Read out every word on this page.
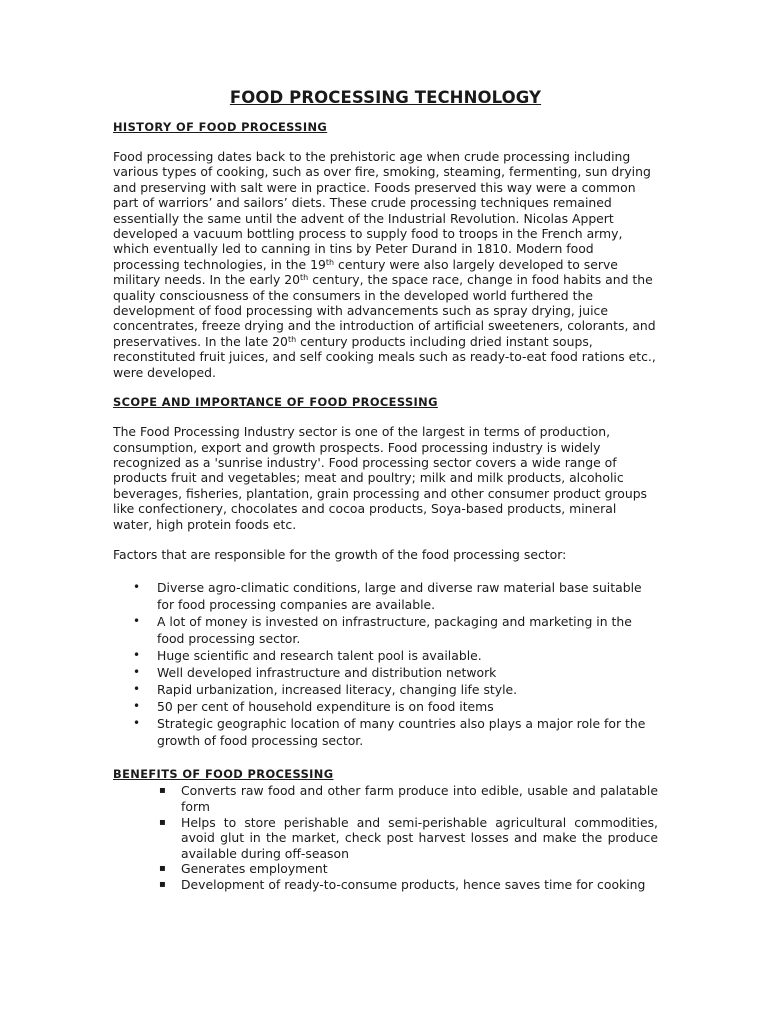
FOOD PROCESSING TECHNOLOGY
HISTORY OF FOOD PROCESSING
Food processing dates back to the prehistoric age when crude processing including various types of cooking, such as over fire, smoking, steaming, fermenting, sun drying and preserving with salt were in practice. Foods preserved this way were a common part of warriors’ and sailors’ diets. These crude processing techniques remained essentially the same until the advent of the Industrial Revolution. Nicolas Appert developed a vacuum bottling process to supply food to troops in the French army, which eventually led to canning in tins by Peter Durand in 1810. Modern food processing technologies, in the 19th century were also largely developed to serve military needs. In the early 20th century, the space race, change in food habits and the quality consciousness of the consumers in the developed world furthered the development of food processing with advancements such as spray drying, juice concentrates, freeze drying and the introduction of artificial sweeteners, colorants, and preservatives. In the late 20th century products including dried instant soups, reconstituted fruit juices, and self cooking meals such as ready-to-eat food rations etc., were developed.
SCOPE AND IMPORTANCE OF FOOD PROCESSING
The Food Processing Industry sector is one of the largest in terms of production, consumption, export and growth prospects. Food processing industry is widely recognized as a 'sunrise industry'. Food processing sector covers a wide range of products fruit and vegetables; meat and poultry; milk and milk products, alcoholic beverages, fisheries, plantation, grain processing and other consumer product groups like confectionery, chocolates and cocoa products, Soya-based products, mineral water, high protein foods etc.
Factors that are responsible for the growth of the food processing sector:
• Diverse agro-climatic conditions, large and diverse raw material base suitable for food processing companies are available.
• A lot of money is invested on infrastructure, packaging and marketing in the food processing sector.
• Huge scientific and research talent pool is available.
• Well developed infrastructure and distribution network
• Rapid urbanization, increased literacy, changing life style.
• 50 per cent of household expenditure is on food items
• Strategic geographic location of many countries also plays a major role for the growth of food processing sector.
BENEFITS OF FOOD PROCESSING
▪ Converts raw food and other farm produce into edible, usable and palatable form
▪ Helps to store perishable and semi-perishable agricultural commodities, avoid glut in the market, check post harvest losses and make the produce available during off-season
▪ Generates employment
▪ Development of ready-to-consume products, hence saves time for cooking
